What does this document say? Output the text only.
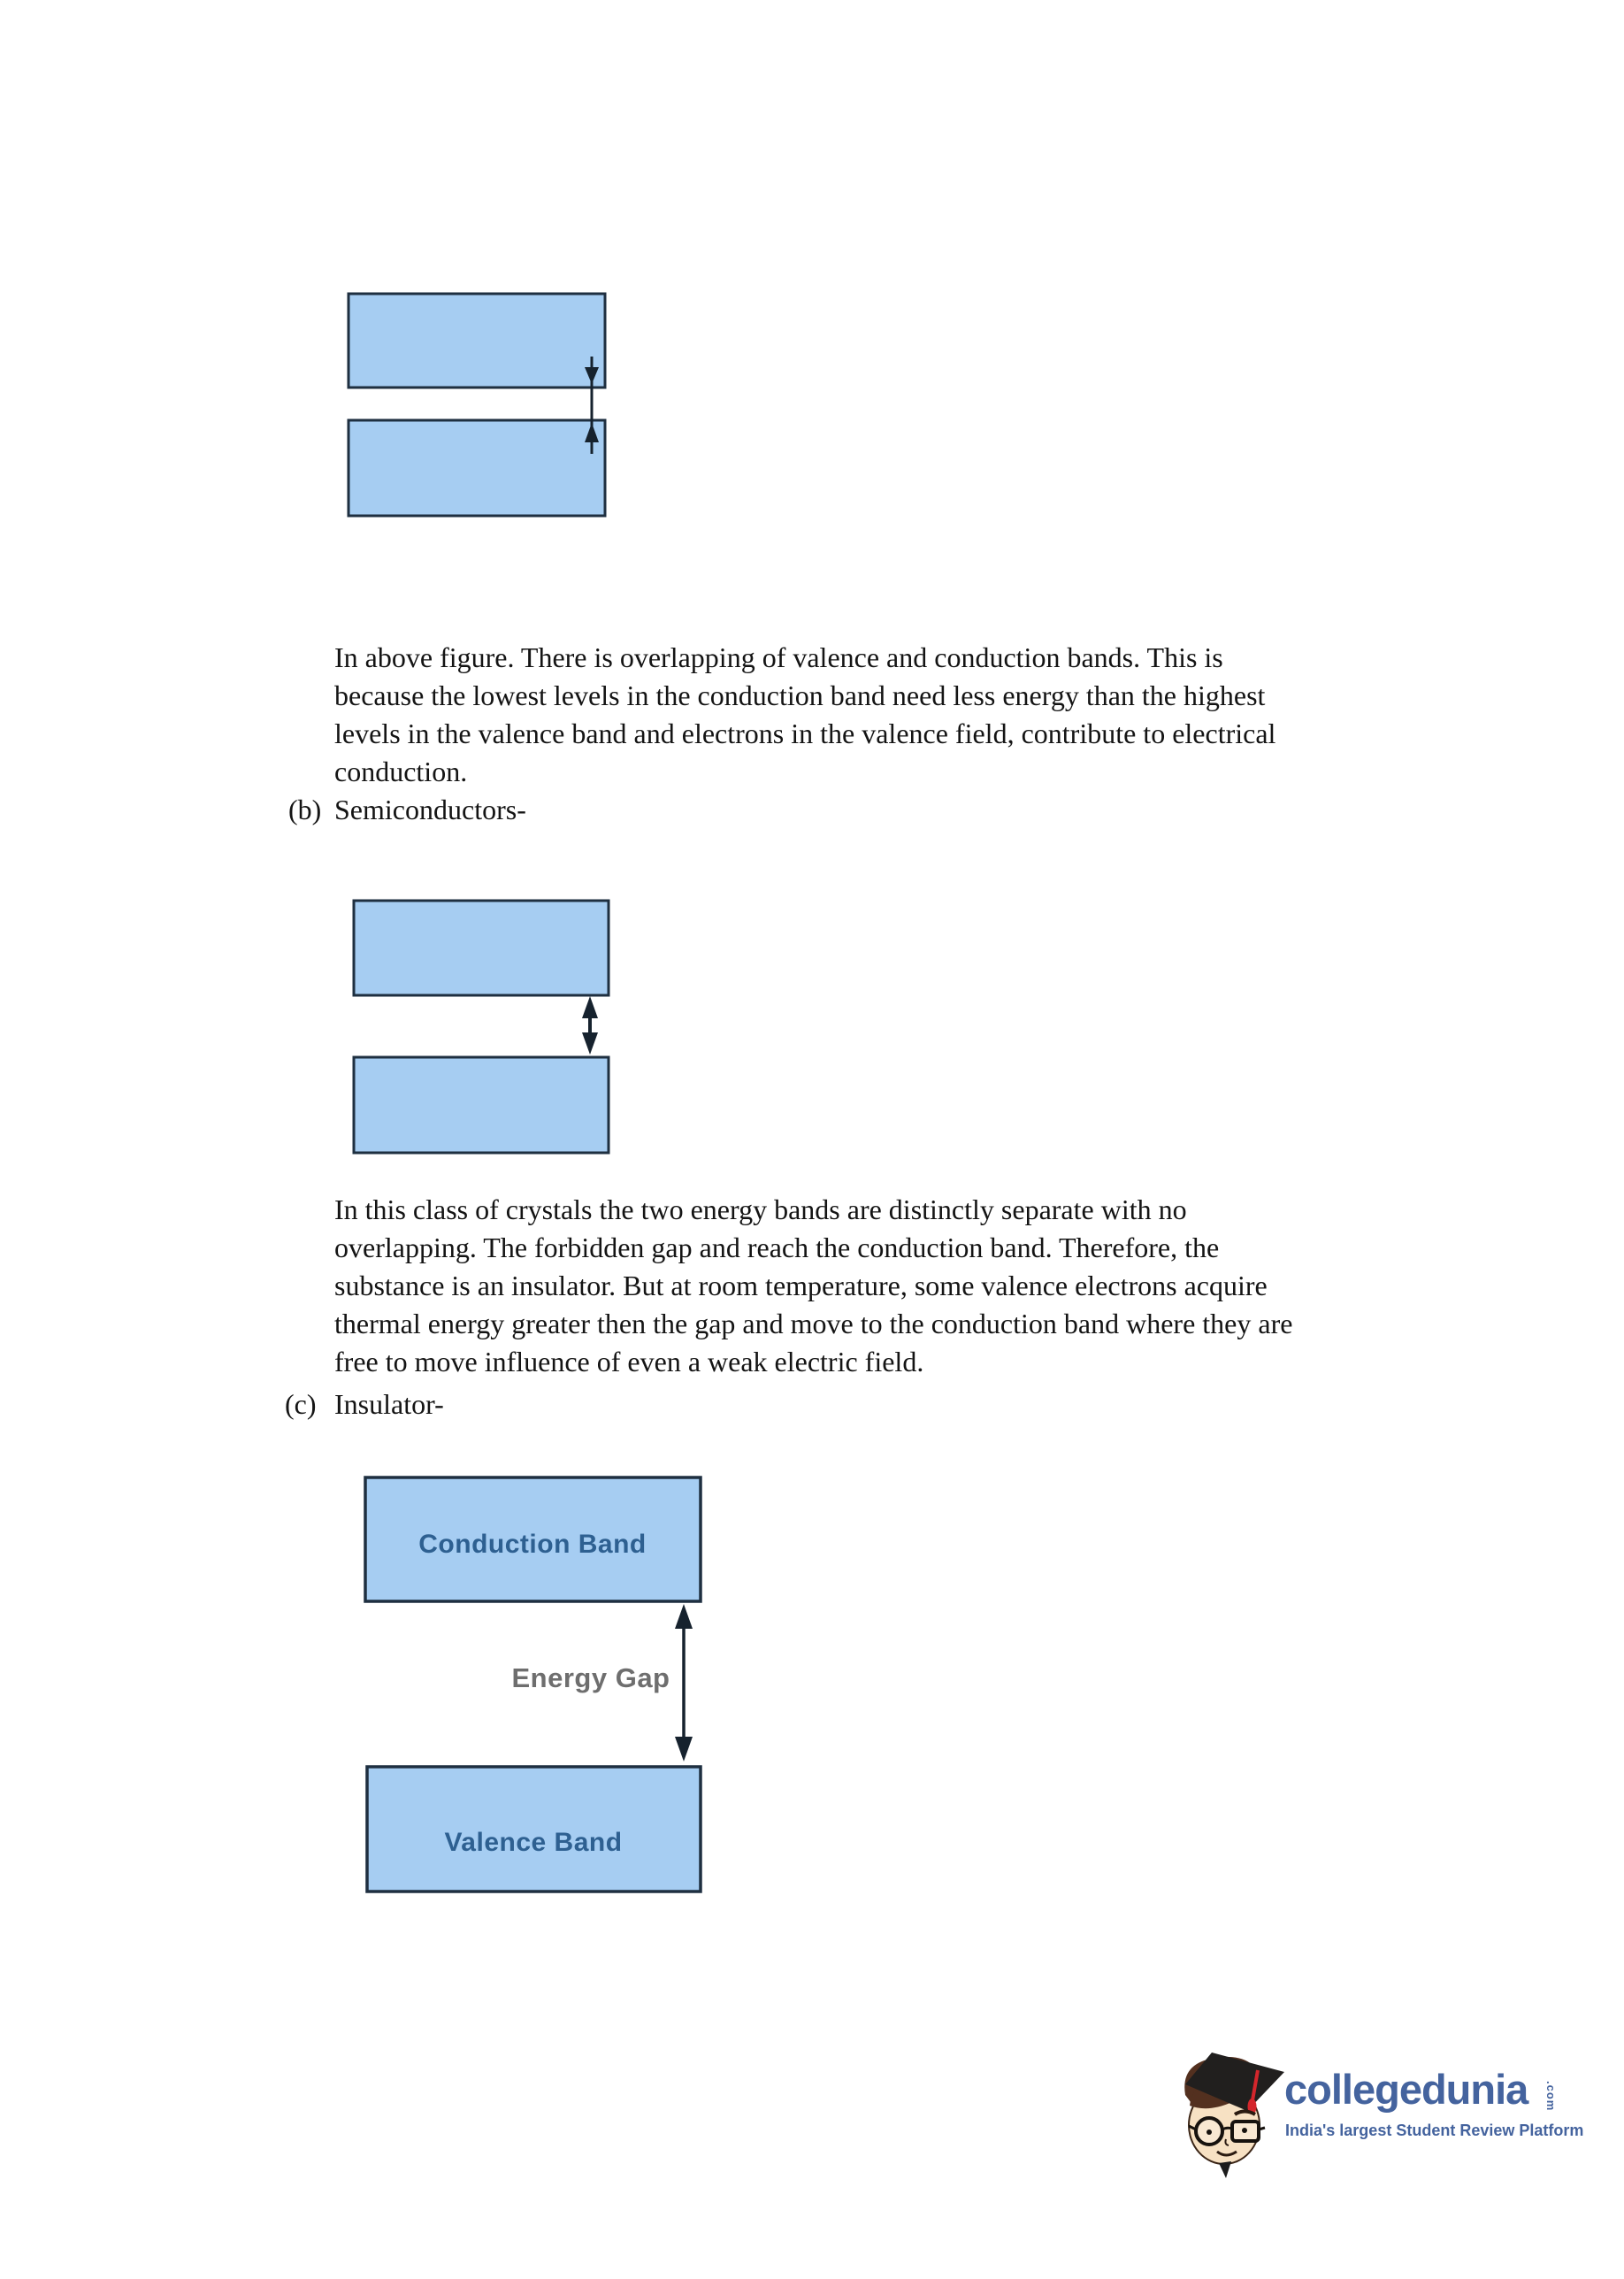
In above figure. There is overlapping of valence and conduction bands. This is
because the lowest levels in the conduction band need less energy than the highest
levels in the valence band and electrons in the valence field, contribute to electrical
conduction.
(b) Semiconductors-
In this class of crystals the two energy bands are distinctly separate with no
overlapping. The forbidden gap and reach the conduction band. Therefore, the
substance is an insulator. But at room temperature, some valence electrons acquire
thermal energy greater then the gap and move to the conduction band where they are
free to move influence of even a weak electric field.
(c) Insulator-
Conduction Band
Energy Gap
Valence Band
collegedunia .com
India's largest Student Review Platform
